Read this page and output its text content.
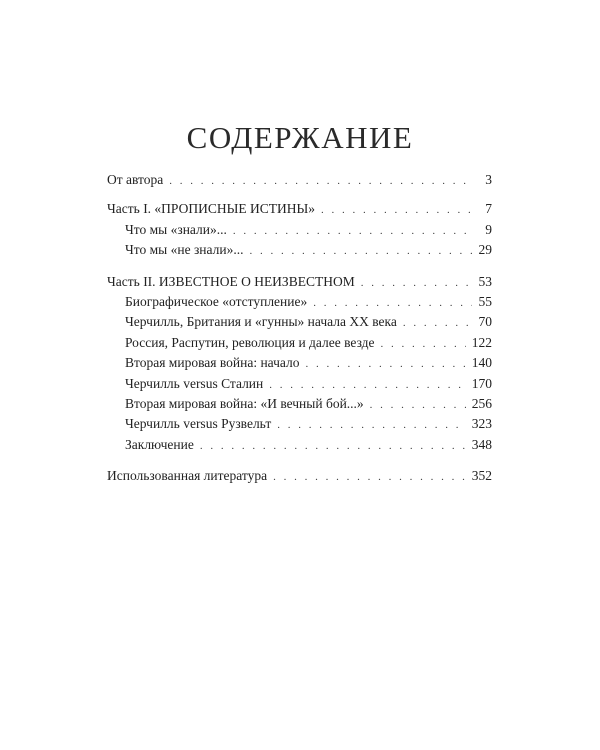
СОДЕРЖАНИЕ
От автора . . .	3
Часть I. «ПРОПИСНЫЕ ИСТИНЫ» . . .	7
Что мы «знали»... . . .	9
Что мы «не знали»... . . .	29
Часть II. ИЗВЕСТНОЕ О НЕИЗВЕСТНОМ . . .	53
Биографическое «отступление» . . .	55
Черчилль, Британия и «гунны» начала XX века . . .	70
Россия, Распутин, революция и далее везде . . .	122
Вторая мировая война: начало . . .	140
Черчилль versus Сталин . . .	170
Вторая мировая война: «И вечный бой...» . . .	256
Черчилль versus Рузвельт . . .	323
Заключение . . .	348
Использованная литература . . .	352
